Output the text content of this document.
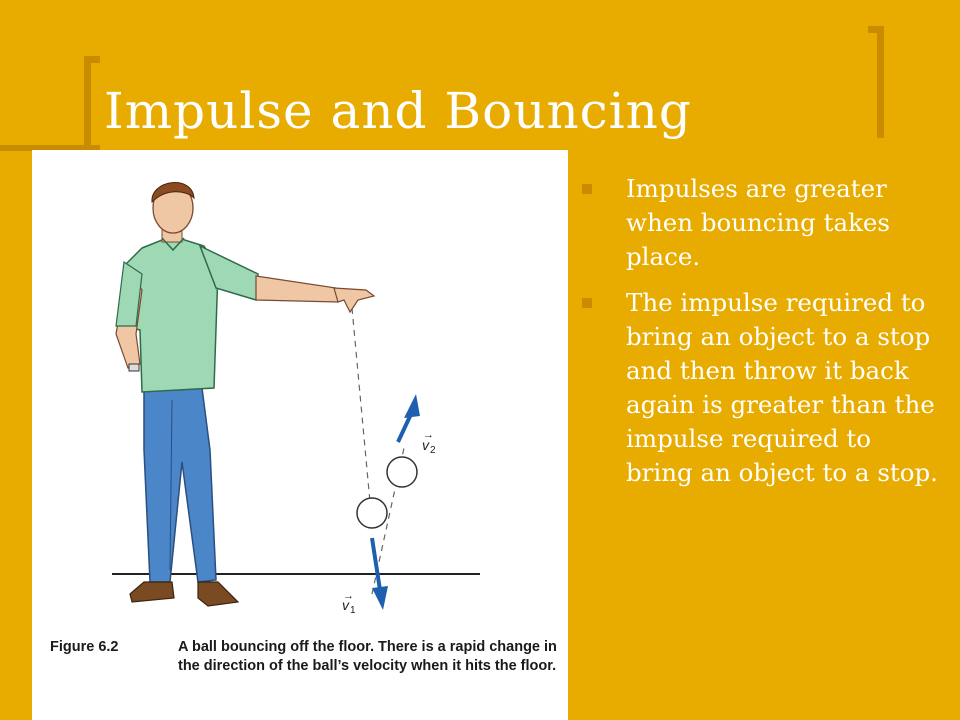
Impulse and Bouncing
→
v 1
→
v 2
Figure 6.2	A ball bouncing off the floor. There is a rapid change in the direction of the ball’s velocity when it hits the floor.
Impulses are greater when bouncing takes place.
The impulse required to bring an object to a stop and then throw it back again is greater than the impulse required to bring an object to a stop.
